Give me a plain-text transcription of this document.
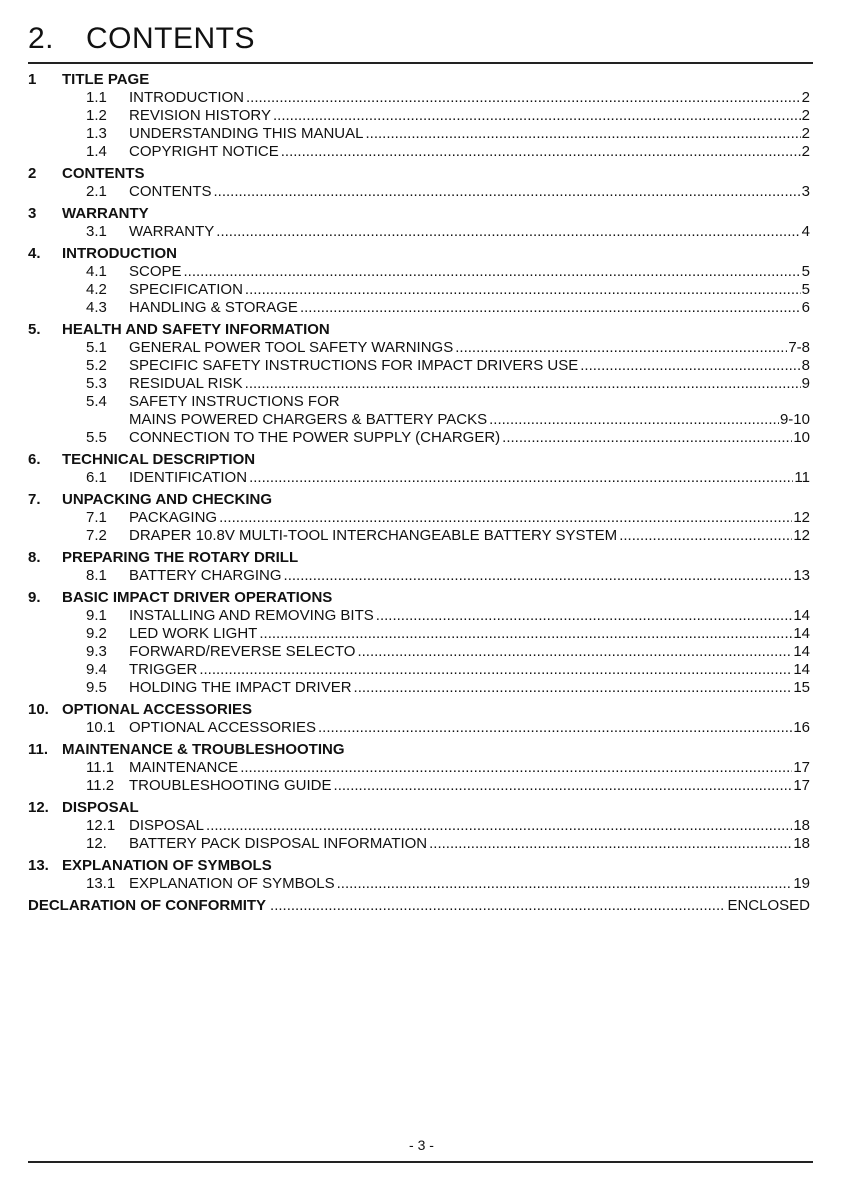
2.	CONTENTS
1	TITLE PAGE
1.1	INTRODUCTION .....	2
1.2	REVISION HISTORY .....	2
1.3	UNDERSTANDING THIS MANUAL .....	2
1.4	COPYRIGHT NOTICE .....	2
2	CONTENTS
2.1	CONTENTS .....	3
3	WARRANTY
3.1	WARRANTY .....	4
4.	INTRODUCTION
4.1	SCOPE .....	5
4.2	SPECIFICATION .....	5
4.3	HANDLING & STORAGE .....	6
5.	HEALTH AND SAFETY INFORMATION
5.1	GENERAL POWER TOOL SAFETY WARNINGS .....	7-8
5.2	SPECIFIC SAFETY INSTRUCTIONS FOR IMPACT DRIVERS USE .....	8
5.3	RESIDUAL RISK .....	9
5.4	SAFETY INSTRUCTIONS FOR
MAINS POWERED CHARGERS & BATTERY PACKS .....	9-10
5.5	CONNECTION TO THE POWER SUPPLY (CHARGER) .....	10
6.	TECHNICAL DESCRIPTION
6.1	IDENTIFICATION .....	11
7.	UNPACKING AND CHECKING
7.1	PACKAGING .....	12
7.2	DRAPER 10.8V MULTI-TOOL INTERCHANGEABLE BATTERY SYSTEM .....	12
8.	PREPARING THE ROTARY DRILL
8.1	BATTERY CHARGING .....	13
9.	BASIC IMPACT DRIVER OPERATIONS
9.1	INSTALLING AND REMOVING BITS .....	14
9.2	LED WORK LIGHT .....	14
9.3	FORWARD/REVERSE SELECTO .....	14
9.4	TRIGGER .....	14
9.5	HOLDING THE IMPACT DRIVER .....	15
10. OPTIONAL ACCESSORIES
10.1 OPTIONAL ACCESSORIES .....	16
11. MAINTENANCE & TROUBLESHOOTING
11.1 MAINTENANCE .....	17
11.2 TROUBLESHOOTING GUIDE .....	17
12. DISPOSAL
12.1 DISPOSAL .....	18
12.	BATTERY PACK DISPOSAL INFORMATION .....	18
13. EXPLANATION OF SYMBOLS
13.1 EXPLANATION OF SYMBOLS .....	19
DECLARATION OF CONFORMITY .....	ENCLOSED
- 3 -
